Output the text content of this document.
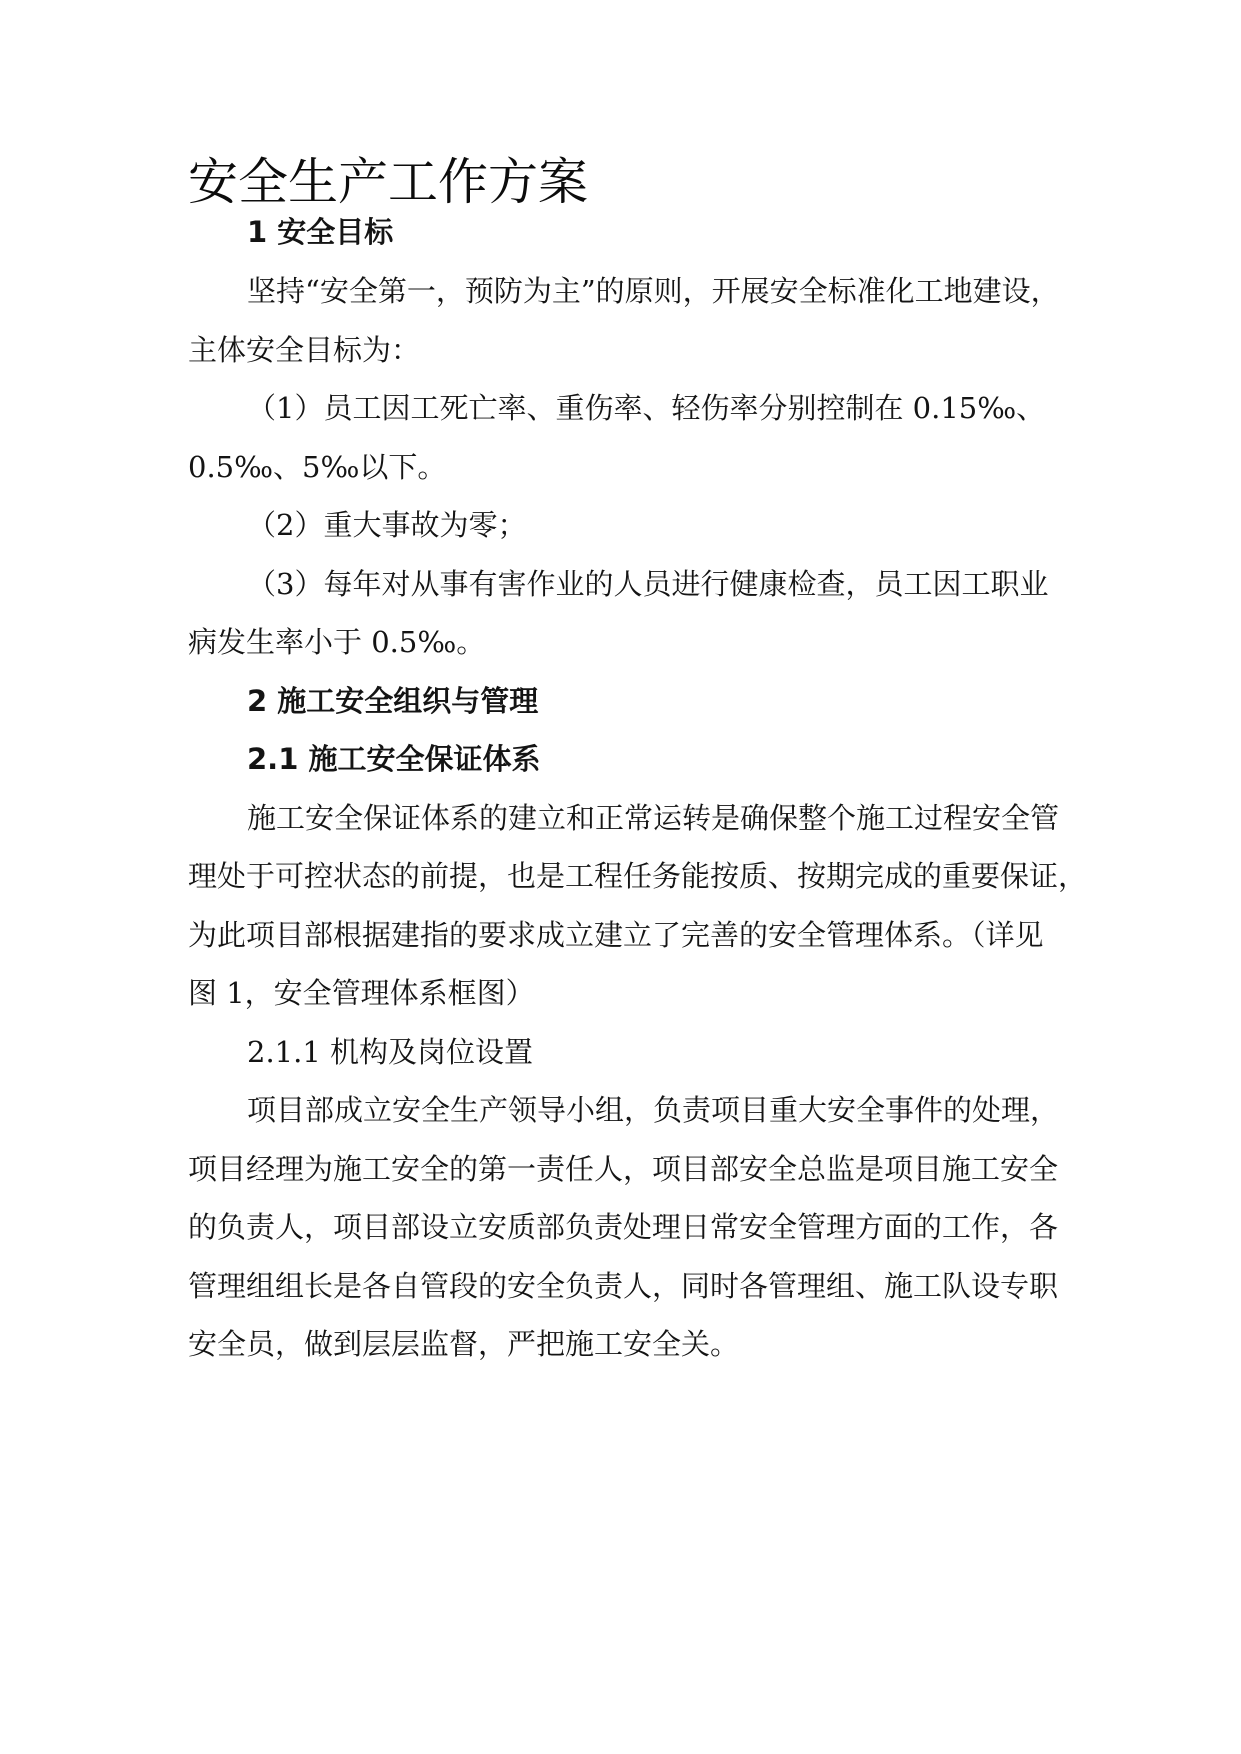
安全生产工作方案
1 安全目标
坚持“安全第一，预防为主”的原则，开展安全标准化工地建设，
主体安全目标为：
（1）员工因工死亡率、重伤率、轻伤率分别控制在 0.15‰、
0.5‰、5‰以下。
（2）重大事故为零；
（3）每年对从事有害作业的人员进行健康检查，员工因工职业
病发生率小于 0.5‰。
2 施工安全组织与管理
2.1 施工安全保证体系
施工安全保证体系的建立和正常运转是确保整个施工过程安全管
理处于可控状态的前提，也是工程任务能按质、按期完成的重要保证，
为此项目部根据建指的要求成立建立了完善的安全管理体系。（详见
图 1，安全管理体系框图）
2.1.1 机构及岗位设置
项目部成立安全生产领导小组，负责项目重大安全事件的处理，
项目经理为施工安全的第一责任人，项目部安全总监是项目施工安全
的负责人，项目部设立安质部负责处理日常安全管理方面的工作，各
管理组组长是各自管段的安全负责人，同时各管理组、施工队设专职
安全员，做到层层监督，严把施工安全关。
